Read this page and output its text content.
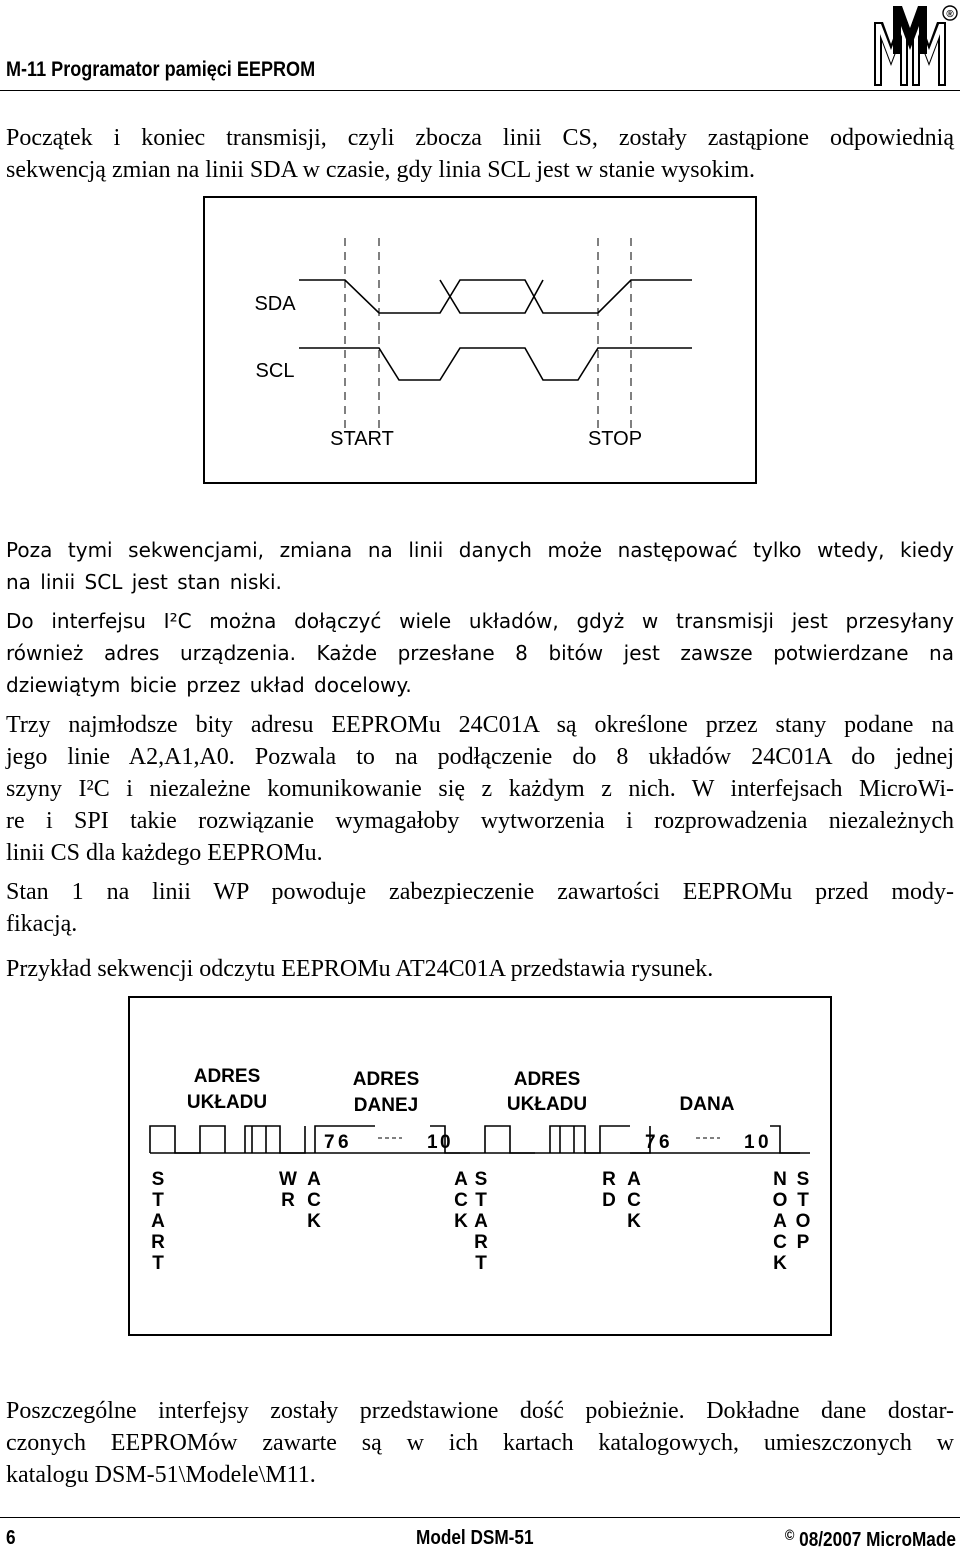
M-11 Programator pamięci EEPROM
®
Początek i koniec transmisji, czyli zbocza linii CS, zostały zastąpione odpowiednią
sekwencją zmian na linii SDA w czasie, gdy linia SCL jest w stanie wysokim.
SDA
SCL
START	STOP
Poza tymi sekwencjami, zmiana na linii danych może następować tylko wtedy, kiedy
na linii SCL jest stan niski.
Do interfejsu I²C można dołączyć wiele układów, gdyż w transmisji jest przesyłany
również adres urządzenia. Każde przesłane 8 bitów jest zawsze potwierdzane na
dziewiątym bicie przez układ docelowy.
Trzy najmłodsze bity adresu EEPROMu 24C01A są określone przez stany podane na
jego linie A2,A1,A0. Pozwala to na podłączenie do 8 układów 24C01A do jednej
szyny I²C i niezależne komunikowanie się z każdym z nich. W interfejsach MicroWi-
re i SPI takie rozwiązanie wymagałoby wytworzenia i rozprowadzenia niezależnych
linii CS dla każdego EEPROMu.
Stan 1 na linii WP powoduje zabezpieczenie zawartości EEPROMu przed mody-
fikacją.
Przykład sekwencji odczytu EEPROMu AT24C01A przedstawia rysunek.
ADRES
UKŁADU
ADRES
DANEJ
ADRES
UKŁADU	DANA
7 6	1 0	7 6	1 0
S
T
A
R
T
W
R
A
C
K
A
C
K
S
T
A
R
T
R
D
A
C
K
N
O
A
C
K
S
T
O
P
Poszczególne interfejsy zostały przedstawione dość pobieżnie. Dokładne dane dostar-
czonych EEPROMów zawarte są w ich kartach katalogowych, umieszczonych w
katalogu DSM-51\Modele\M11.
6	Model DSM-51	© 08/2007 MicroMade
